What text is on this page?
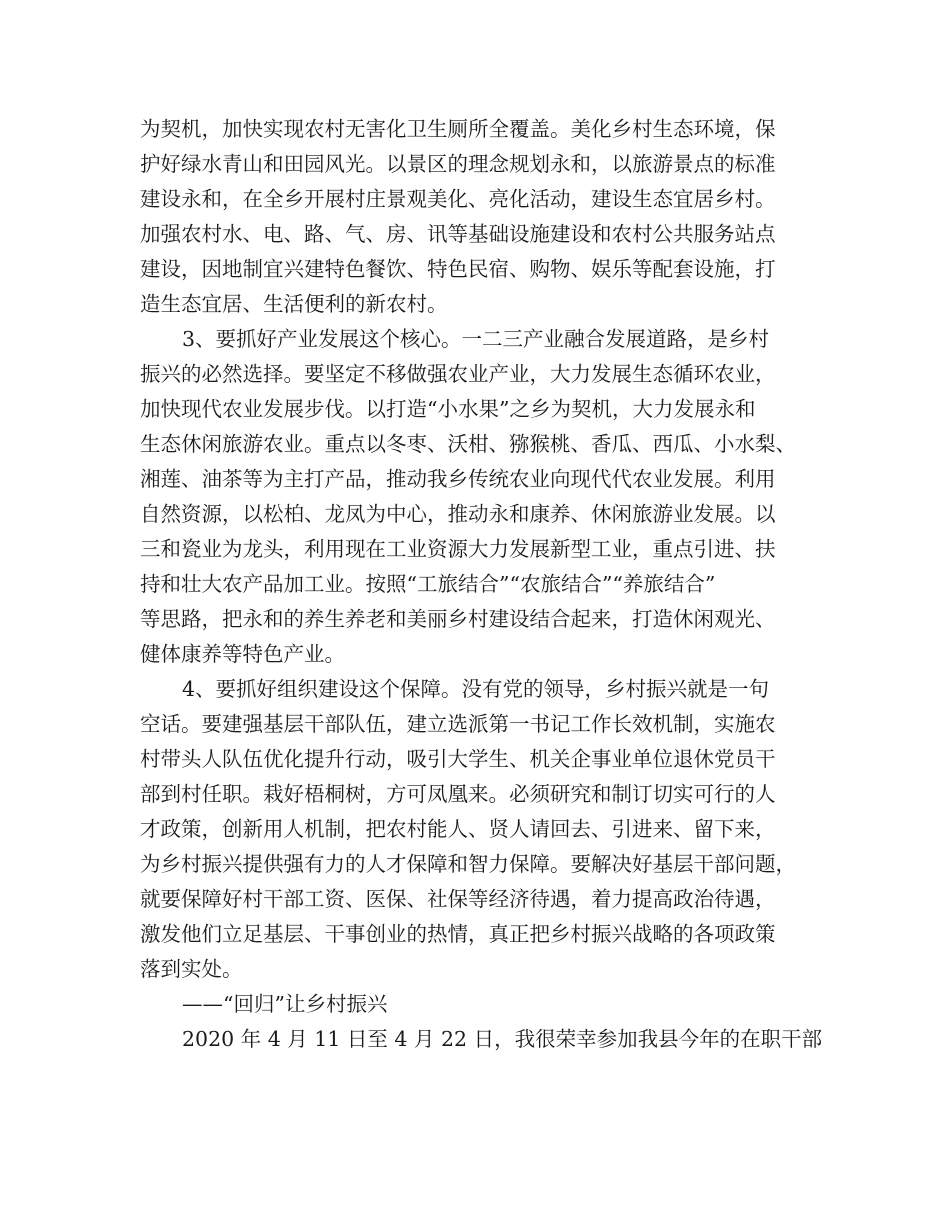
为契机，加快实现农村无害化卫生厕所全覆盖。美化乡村生态环境，保
护好绿水青山和田园风光。以景区的理念规划永和，以旅游景点的标准
建设永和，在全乡开展村庄景观美化、亮化活动，建设生态宜居乡村。
加强农村水、电、路、气、房、讯等基础设施建设和农村公共服务站点
建设，因地制宜兴建特色餐饮、特色民宿、购物、娱乐等配套设施，打
造生态宜居、生活便利的新农村。
3、要抓好产业发展这个核心。一二三产业融合发展道路，是乡村
振兴的必然选择。要坚定不移做强农业产业，大力发展生态循环农业，
加快现代农业发展步伐。以打造“小水果”之乡为契机，大力发展永和
生态休闲旅游农业。重点以冬枣、沃柑、猕猴桃、香瓜、西瓜、小水梨、
湘莲、油茶等为主打产品，推动我乡传统农业向现代代农业发展。利用
自然资源，以松柏、龙凤为中心，推动永和康养、休闲旅游业发展。以
三和瓷业为龙头，利用现在工业资源大力发展新型工业，重点引进、扶
持和壮大农产品加工业。按照“工旅结合”“农旅结合”“养旅结合”
等思路，把永和的养生养老和美丽乡村建设结合起来，打造休闲观光、
健体康养等特色产业。
4、要抓好组织建设这个保障。没有党的领导，乡村振兴就是一句
空话。要建强基层干部队伍，建立选派第一书记工作长效机制，实施农
村带头人队伍优化提升行动，吸引大学生、机关企事业单位退休党员干
部到村任职。栽好梧桐树，方可凤凰来。必须研究和制订切实可行的人
才政策，创新用人机制，把农村能人、贤人请回去、引进来、留下来，
为乡村振兴提供强有力的人才保障和智力保障。要解决好基层干部问题，
就要保障好村干部工资、医保、社保等经济待遇，着力提高政治待遇，
激发他们立足基层、干事创业的热情，真正把乡村振兴战略的各项政策
落到实处。
——“回归”让乡村振兴
2020 年 4 月 11 日至 4 月 22 日，我很荣幸参加我县今年的在职干部
